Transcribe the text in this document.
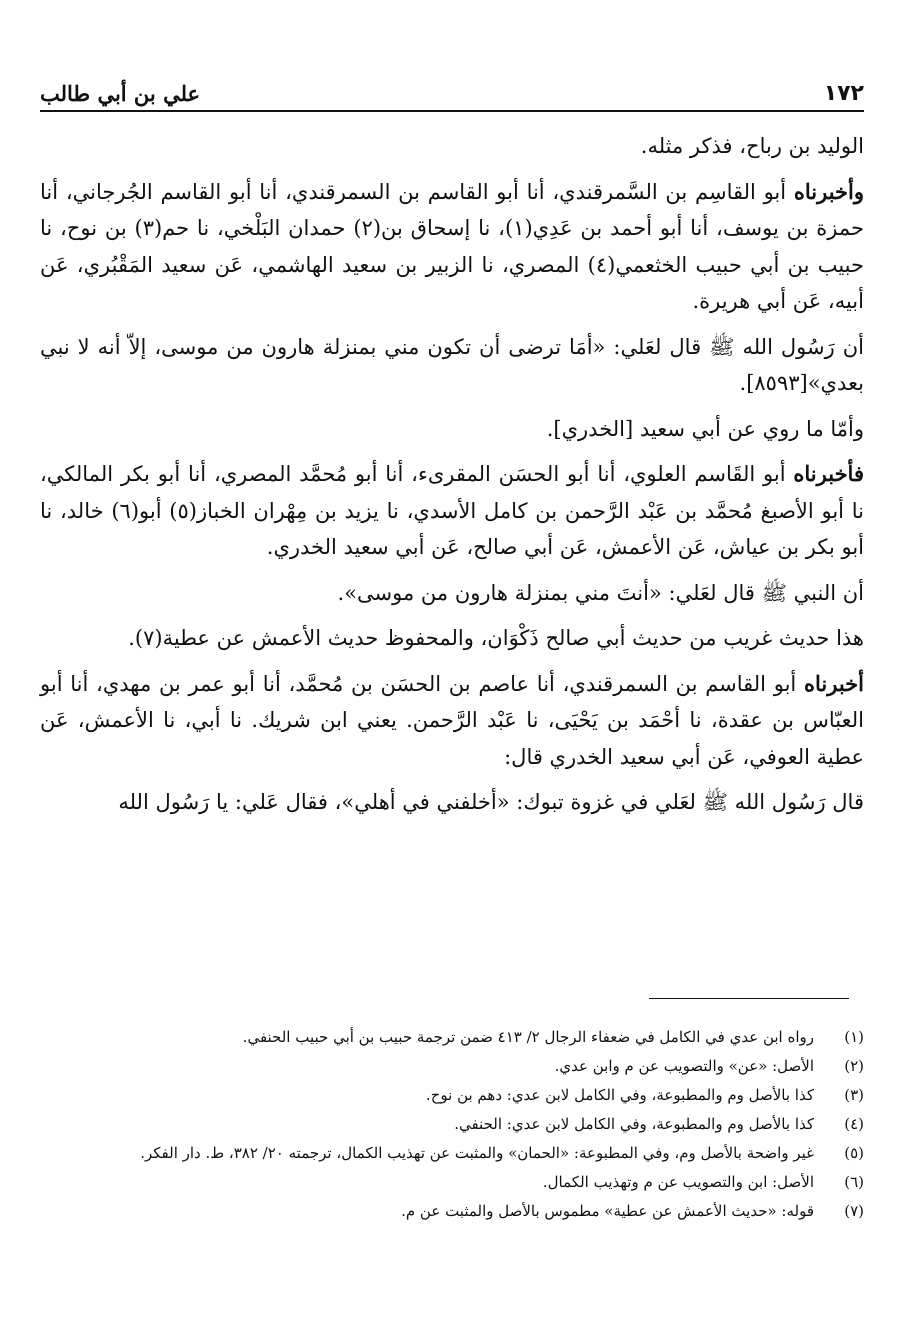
١٧٢
علي بن أبي طالب

الوليد بن رباح، فذكر مثله.

وأخبرناه أبو القاسِم بن السَّمرقندي، أنا أبو القاسم بن السمرقندي، أنا أبو القاسم الجُرجاني، أنا حمزة بن يوسف، أنا أبو أحمد بن عَدِي(١)، نا إسحاق بن(٢) حمدان البَلْخي، نا حم(٣) بن نوح، نا حبيب بن أبي حبيب الخثعمي(٤) المصري، نا الزبير بن سعيد الهاشمي، عَن سعيد المَقْبُري، عَن أبيه، عَن أبي هريرة.

أن رَسُول الله ﷺ قال لعَلي: «أمَا ترضى أن تكون مني بمنزلة هارون من موسى، إلاّ أنه لا نبي بعدي»[٨٥٩٣].

وأمّا ما روي عن أبي سعيد [الخدري].

فأخبرناه أبو القَاسم العلوي، أنا أبو الحسَن المقرىء، أنا أبو مُحمَّد المصري، أنا أبو بكر المالكي، نا أبو الأصبغ مُحمَّد بن عَبْد الرَّحمن بن كامل الأسدي، نا يزيد بن مِهْران الخباز(٥) أبو(٦) خالد، نا أبو بكر بن عياش، عَن الأعمش، عَن أبي صالح، عَن أبي سعيد الخدري.

أن النبي ﷺ قال لعَلي: «أنتَ مني بمنزلة هارون من موسى».

هذا حديث غريب من حديث أبي صالح ذَكْوَان، والمحفوظ حديث الأعمش عن عطية(٧).

أخبرناه أبو القاسم بن السمرقندي، أنا عاصم بن الحسَن بن مُحمَّد، أنا أبو عمر بن مهدي، أنا أبو العبّاس بن عقدة، نا أحْمَد بن يَحْيَى، نا عَبْد الرَّحمن. يعني ابن شريك. نا أبي، نا الأعمش، عَن عطية العوفي، عَن أبي سعيد الخدري قال:

قال رَسُول الله ﷺ لعَلي في غزوة تبوك: «أخلفني في أهلي»، فقال عَلي: يا رَسُول الله

(١)
رواه ابن عدي في الكامل في ضعفاء الرجال ٢/ ٤١٣ ضمن ترجمة حبيب بن أبي حبيب الحنفي.
(٢)
الأصل: «عن» والتصويب عن م وابن عدي.
(٣)
كذا بالأصل وم والمطبوعة، وفي الكامل لابن عدي: دهم بن نوح.
(٤)
كذا بالأصل وم والمطبوعة، وفي الكامل لابن عدي: الحنفي.
(٥)
غير واضحة بالأصل وم، وفي المطبوعة: «الحمان» والمثبت عن تهذيب الكمال، ترجمته ٢٠/ ٣٨٢، ط. دار الفكر.
(٦)
الأصل: ابن والتصويب عن م وتهذيب الكمال.
(٧)
قوله: «حديث الأعمش عن عطية» مطموس بالأصل والمثبت عن م.
